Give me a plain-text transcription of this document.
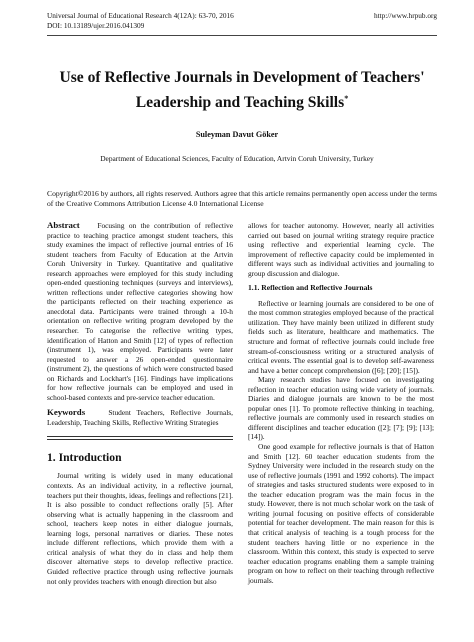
Universal Journal of Educational Research 4(12A): 63-70, 2016	http://www.hrpub.org
DOI: 10.13189/ujer.2016.041309
Use of Reflective Journals in Development of Teachers'
Leadership and Teaching Skills*
Suleyman Davut Göker
Department of Educational Sciences, Faculty of Education, Artvin Coruh University, Turkey
Copyright©2016 by authors, all rights reserved. Authors agree that this article remains permanently open access under the terms of the Creative Commons Attribution License 4.0 International License

Abstract Focusing on the contribution of reflective practice to teaching practice amongst student teachers, this study examines the impact of reflective journal entries of 16 student teachers from Faculty of Education at the Artvin Coruh University in Turkey. Quantitative and qualitative research approaches were employed for this study including open-ended questioning techniques (surveys and interviews), written reflections under reflective categories showing how the participants reflected on their teaching experience as anecdotal data. Participants were trained through a 10-h orientation on reflective writing program developed by the researcher. To categorise the reflective writing types, identification of Hatton and Smith [12] of types of reflection (instrument 1), was employed. Participants were later requested to answer a 26 open-ended questionnaire (instrument 2), the questions of which were constructed based on Richards and Lockhart's [16]. Findings have implications for how reflective journals can be employed and used in school-based contexts and pre-service teacher education.

Keywords	Student Teachers, Reflective Journals, Leadership, Teaching Skills, Reflective Writing Strategies

1. Introduction

Journal writing is widely used in many educational contexts. As an individual activity, in a reflective journal, teachers put their thoughts, ideas, feelings and reflections [21]. It is also possible to conduct reflections orally [5]. After observing what is actually happening in the classroom and school, teachers keep notes in either dialogue journals, learning logs, personal narratives or diaries. These notes include different reflections, which provide them with a critical analysis of what they do in class and help them discover alternative steps to develop reflective practice. Guided reflective practice through using reflective journals not only provides teachers with enough direction but also

allows for teacher autonomy. However, nearly all activities carried out based on journal writing strategy require practice using reflective and experiential learning cycle. The improvement of reflective capacity could be implemented in different ways such as individual activities and journaling to group discussion and dialogue.

1.1. Reflection and Reflective Journals

Reflective or learning journals are considered to be one of the most common strategies employed because of the practical utilization. They have mainly been utilized in different study fields such as literature, healthcare and mathematics. The structure and format of reflective journals could include free stream-of-consciousness writing or a structured analysis of critical events. The essential goal is to develop self-awareness and have a better concept comprehension ([6]; [20]; [15]).

Many research studies have focused on investigating reflection in teacher education using wide variety of journals. Diaries and dialogue journals are known to be the most popular ones [1]. To promote reflective thinking in teaching, reflective journals are commonly used in research studies on different disciplines and teacher education ([2]; [7]; [9]; [13]; [14]).

One good example for reflective journals is that of Hatton and Smith [12]. 60 teacher education students from the Sydney University were included in the research study on the use of reflective journals (1991 and 1992 cohorts). The impact of strategies and tasks structured students were exposed to in the teacher education program was the main focus in the study. However, there is not much scholar work on the task of writing journal focusing on positive effects of considerable potential for teacher development. The main reason for this is that critical analysis of teaching is a tough process for the student teachers having little or no experience in the classroom. Within this context, this study is expected to serve teacher education programs enabling them a sample training program on how to reflect on their teaching through reflective journals.
